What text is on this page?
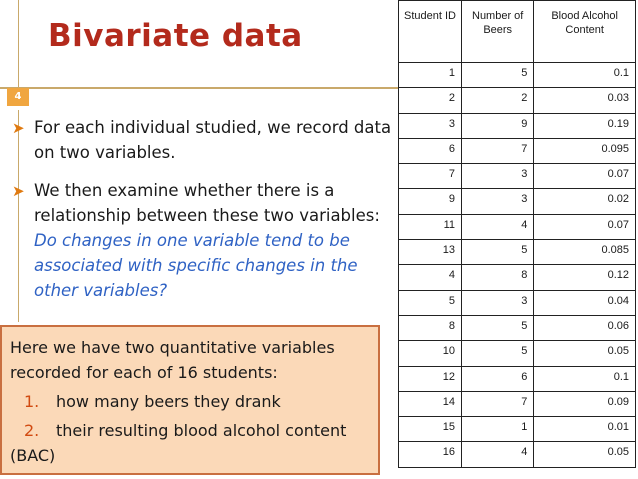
Bivariate data
4
➤ For each individual studied, we record data on two variables.
➤ We then examine whether there is a relationship between these two variables: Do changes in one variable tend to be associated with specific changes in the other variables?
Here we have two quantitative variables recorded for each of 16 students:
1. how many beers they drank
2. their resulting blood alcohol content (BAC)
Student ID	Number of Beers	Blood Alcohol Content
1	5	0.1
2	2	0.03
3	9	0.19
6	7	0.095
7	3	0.07
9	3	0.02
11	4	0.07
13	5	0.085
4	8	0.12
5	3	0.04
8	5	0.06
10	5	0.05
12	6	0.1
14	7	0.09
15	1	0.01
16	4	0.05
